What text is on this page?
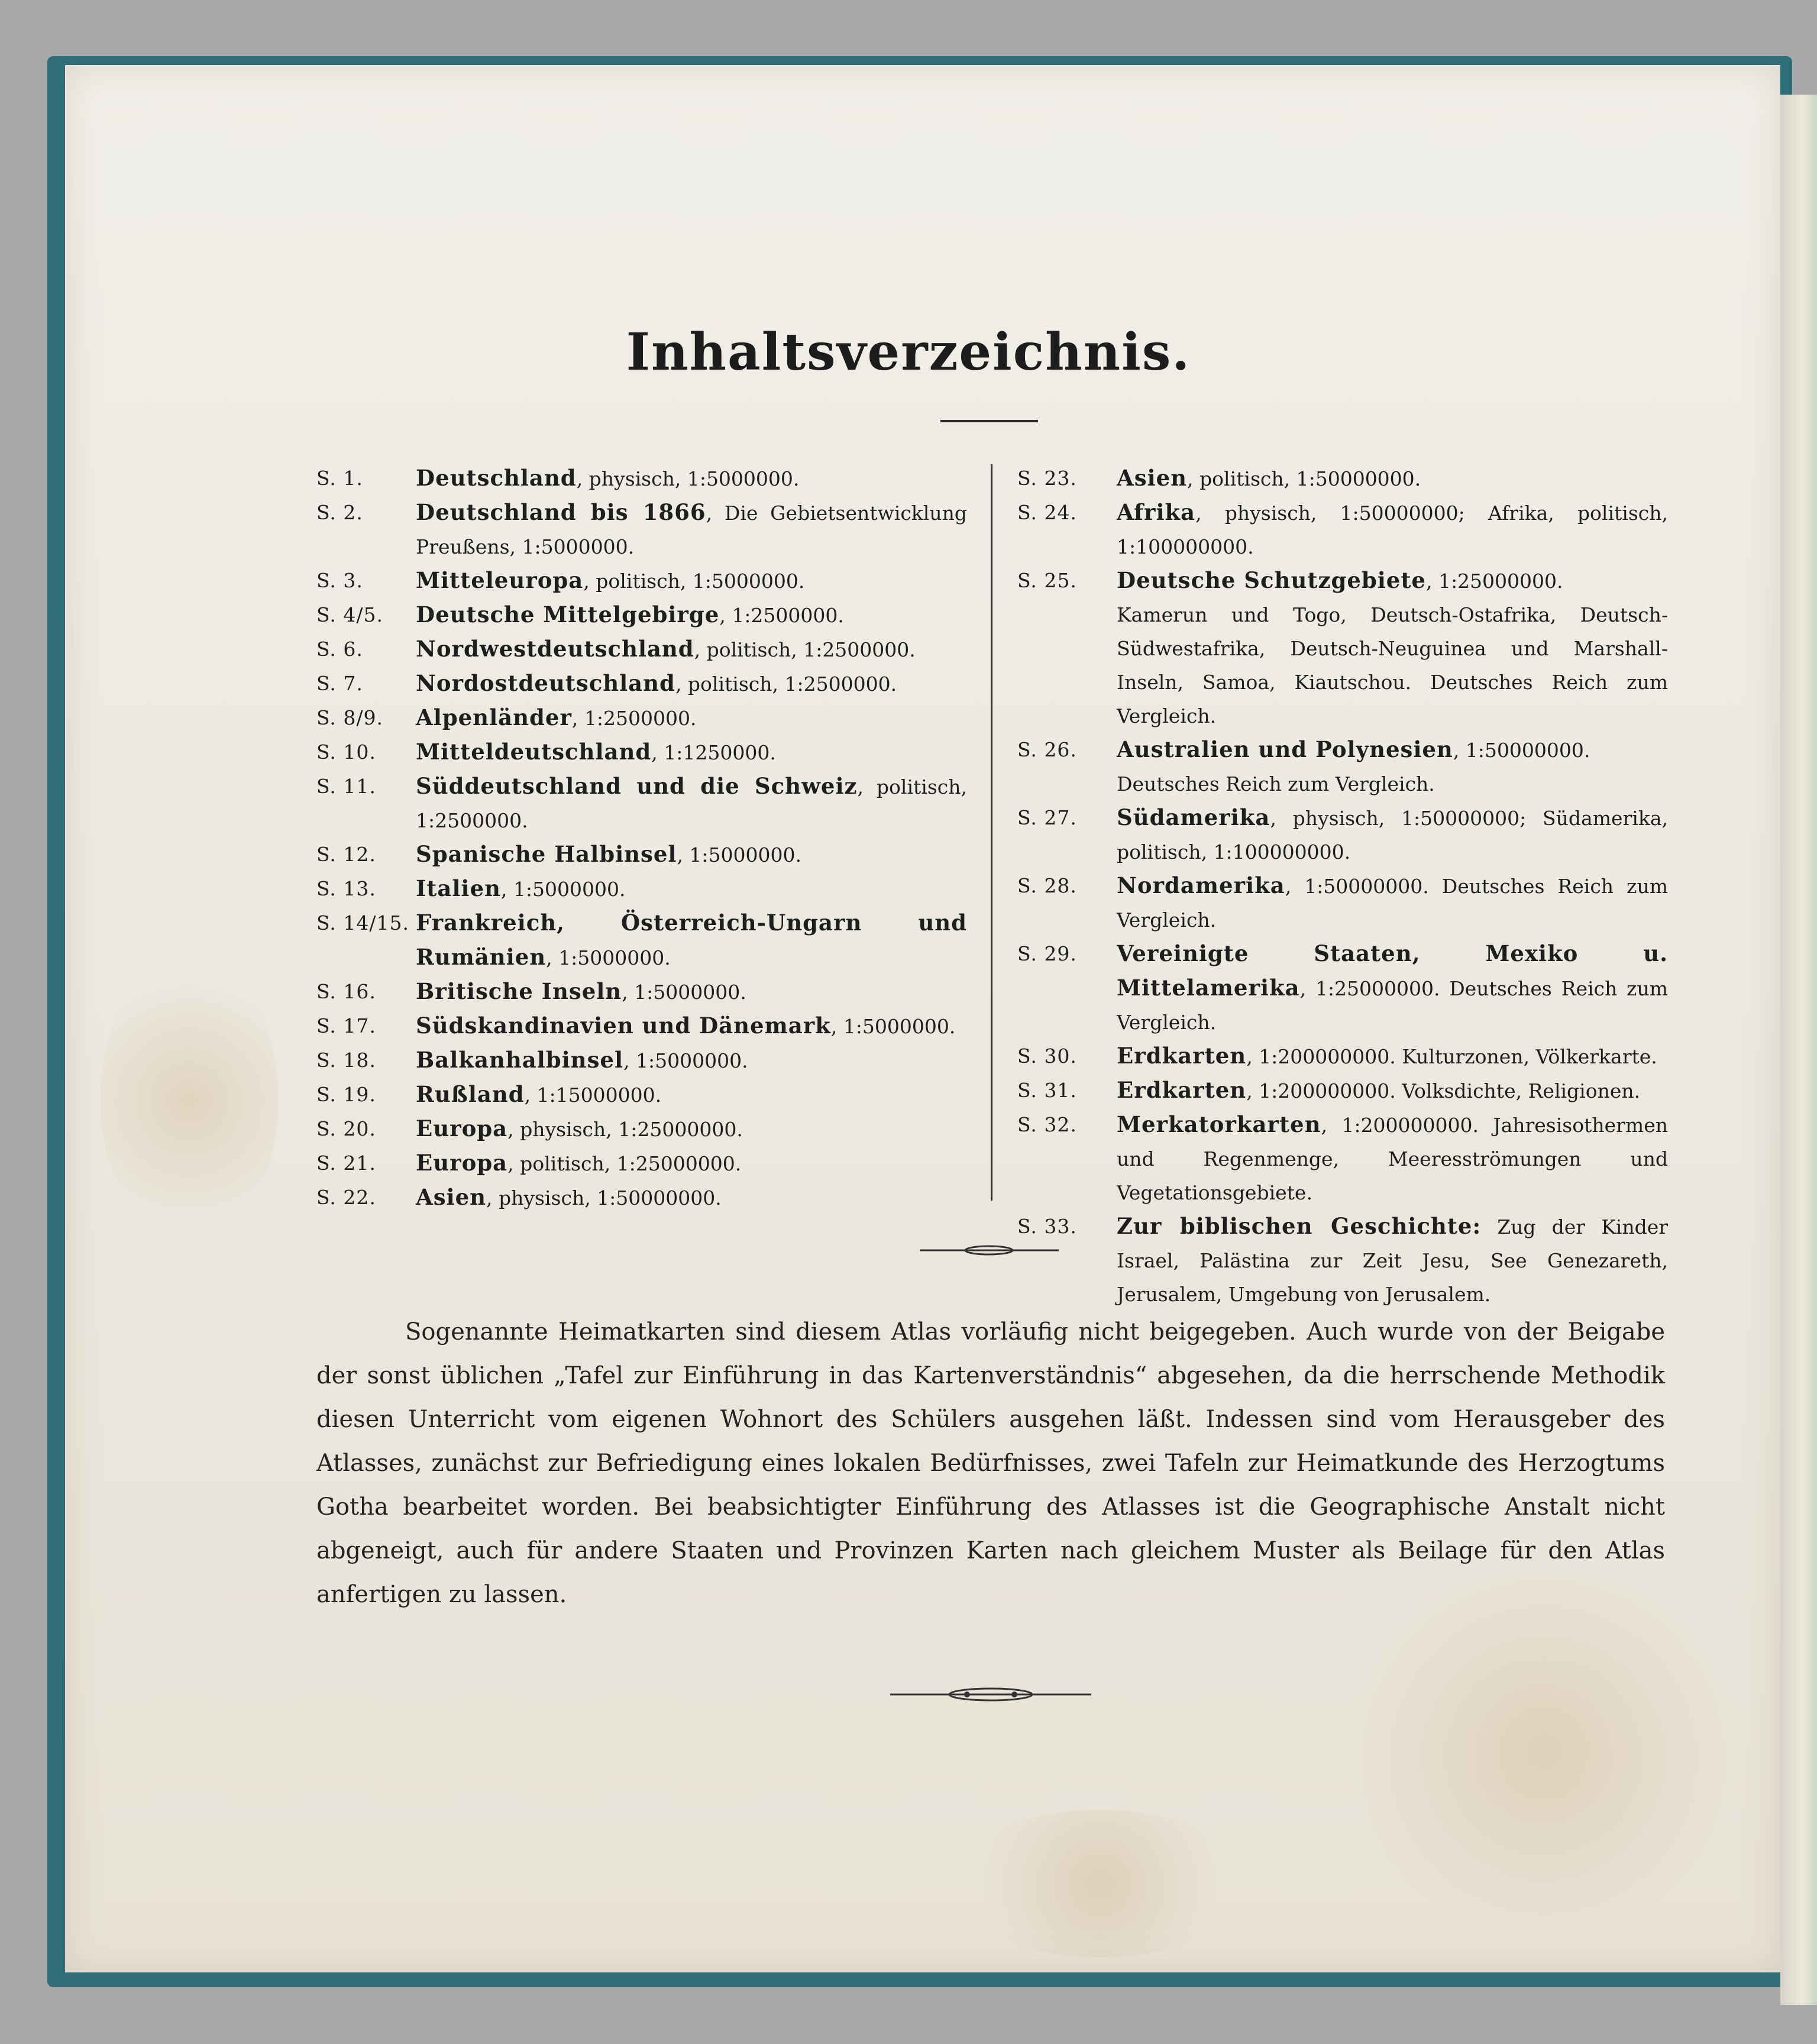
Inhaltsverzeichnis.
S. 1.	Deutschland, physisch, 1:5000000.
S. 2.	Deutschland bis 1866, Die Gebietsentwicklung Preußens, 1:5000000.
S. 3.	Mitteleuropa, politisch, 1:5000000.
S. 4/5.	Deutsche Mittelgebirge, 1:2500000.
S. 6.	Nordwestdeutschland, politisch, 1:2500000.
S. 7.	Nordostdeutschland, politisch, 1:2500000.
S. 8/9.	Alpenländer, 1:2500000.
S. 10.	Mitteldeutschland, 1:1250000.
S. 11.	Süddeutschland und die Schweiz, politisch, 1:2500000.
S. 12.	Spanische Halbinsel, 1:5000000.
S. 13.	Italien, 1:5000000.
S. 14/15. Frankreich, Österreich-Ungarn und Rumänien, 1:5000000.
S. 16.	Britische Inseln, 1:5000000.
S. 17.	Südskandinavien und Dänemark, 1:5000000.
S. 18.	Balkanhalbinsel, 1:5000000.
S. 19.	Rußland, 1:15000000.
S. 20.	Europa, physisch, 1:25000000.
S. 21.	Europa, politisch, 1:25000000.
S. 22.	Asien, physisch, 1:50000000.
S. 23.	Asien, politisch, 1:50000000.
S. 24.	Afrika, physisch, 1:50000000; Afrika, politisch, 1:100000000.
S. 25.	Deutsche Schutzgebiete, 1:25000000.
Kamerun und Togo, Deutsch-Ostafrika, Deutsch-Südwestafrika, Deutsch-Neuguinea und Marshall-Inseln, Samoa, Kiautschou. Deutsches Reich zum Vergleich.
S. 26.	Australien und Polynesien, 1:50000000.
Deutsches Reich zum Vergleich.
S. 27.	Südamerika, physisch, 1:50000000; Südamerika, politisch, 1:100000000.
S. 28.	Nordamerika, 1:50000000. Deutsches Reich zum Vergleich.
S. 29.	Vereinigte Staaten, Mexiko u. Mittelamerika, 1:25000000. Deutsches Reich zum Vergleich.
S. 30.	Erdkarten, 1:200000000. Kulturzonen, Völkerkarte.
S. 31.	Erdkarten, 1:200000000. Volksdichte, Religionen.
S. 32.	Merkatorkarten, 1:200000000. Jahresisothermen und Regenmenge, Meeresströmungen und Vegetationsgebiete.
S. 33.	Zur biblischen Geschichte: Zug der Kinder Israel, Palästina zur Zeit Jesu, See Genezareth, Jerusalem, Umgebung von Jerusalem.
Sogenannte Heimatkarten sind diesem Atlas vorläufig nicht beigegeben. Auch wurde von der Beigabe der sonst üblichen „Tafel zur Einführung in das Kartenverständnis“ abgesehen, da die herrschende Methodik diesen Unterricht vom eigenen Wohnort des Schülers ausgehen läßt. Indessen sind vom Herausgeber des Atlasses, zunächst zur Befriedigung eines lokalen Bedürfnisses, zwei Tafeln zur Heimatkunde des Herzogtums Gotha bearbeitet worden. Bei beabsichtigter Einführung des Atlasses ist die Geographische Anstalt nicht abgeneigt, auch für andere Staaten und Provinzen Karten nach gleichem Muster als Beilage für den Atlas anfertigen zu lassen.
